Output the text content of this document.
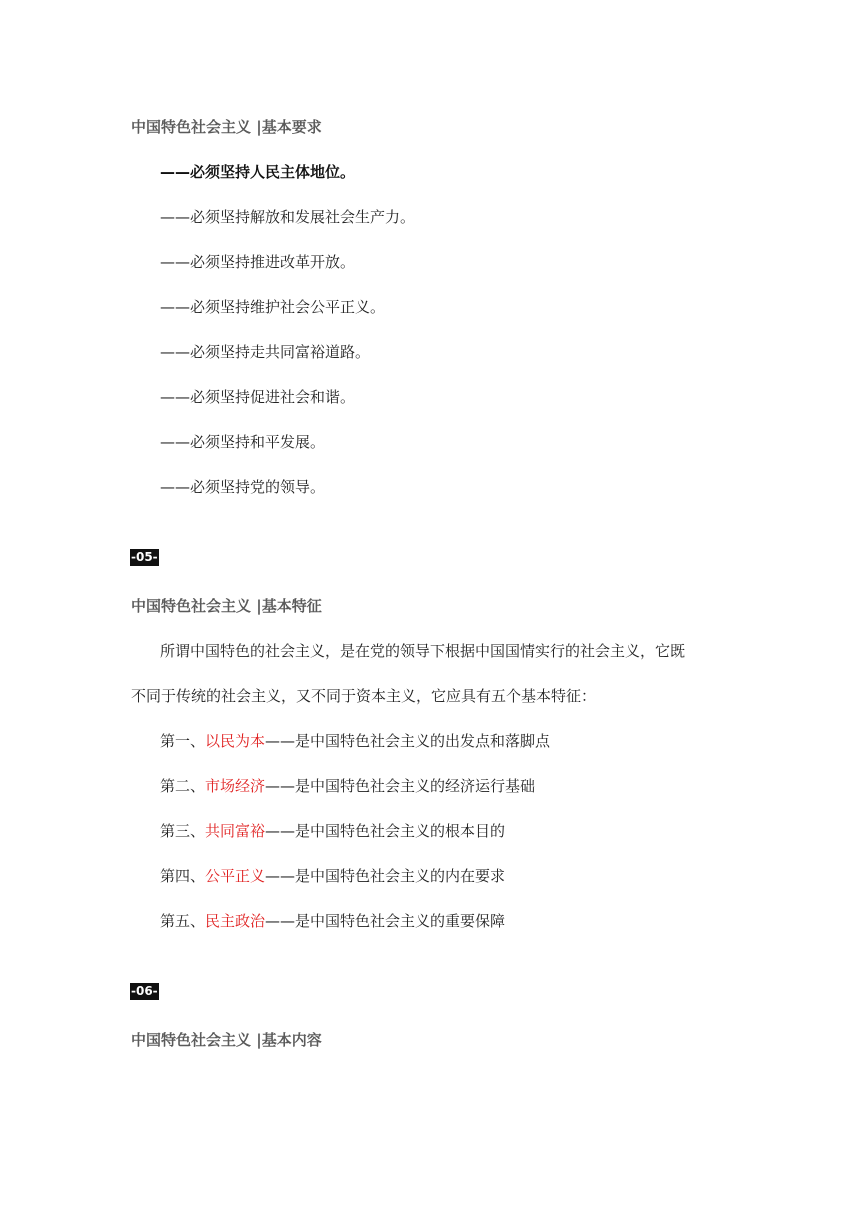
中国特色社会主义 |基本要求
——必须坚持人民主体地位。
——必须坚持解放和发展社会生产力。
——必须坚持推进改革开放。
——必须坚持维护社会公平正义。
——必须坚持走共同富裕道路。
——必须坚持促进社会和谐。
——必须坚持和平发展。
——必须坚持党的领导。
-05-
中国特色社会主义 |基本特征
所谓中国特色的社会主义，是在党的领导下根据中国国情实行的社会主义，它既
不同于传统的社会主义，又不同于资本主义，它应具有五个基本特征：
第一、以民为本——是中国特色社会主义的出发点和落脚点
第二、市场经济——是中国特色社会主义的经济运行基础
第三、共同富裕——是中国特色社会主义的根本目的
第四、公平正义——是中国特色社会主义的内在要求
第五、民主政治——是中国特色社会主义的重要保障
-06-
中国特色社会主义 |基本内容
